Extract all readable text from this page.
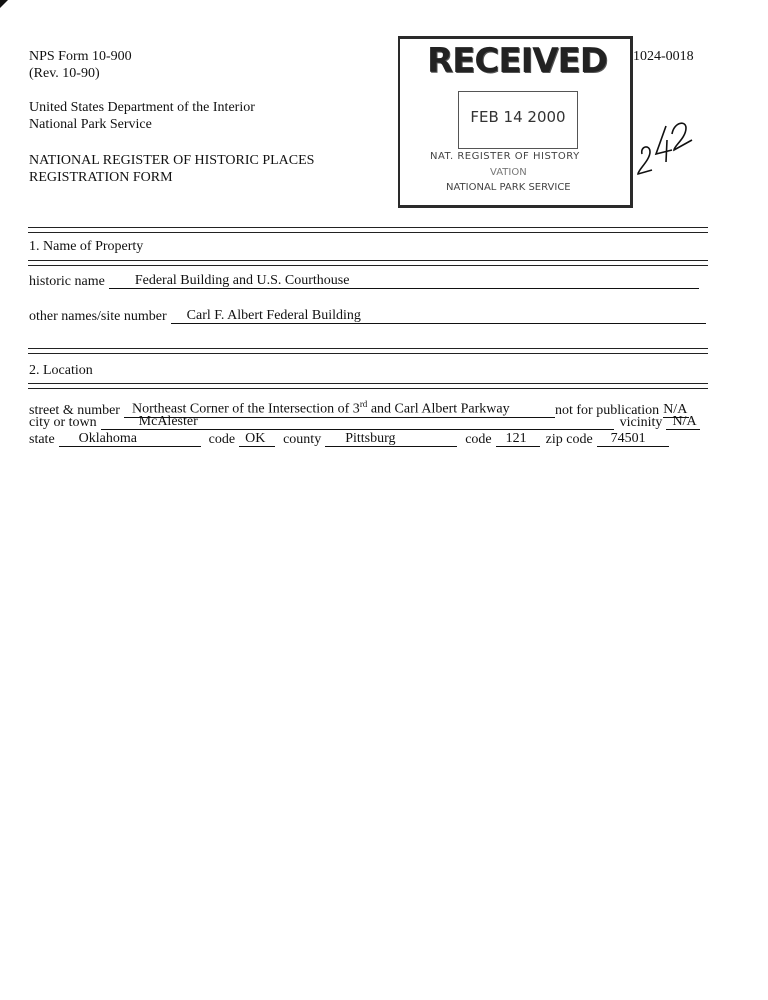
NPS Form 10-900
(Rev. 10-90)
1024-0018
United States Department of the Interior
National Park Service
NATIONAL REGISTER OF HISTORIC PLACES
REGISTRATION FORM
RECEIVED
FEB 14 2000
NAT. REGISTER OF HISTORY
VATION
NATIONAL PARK SERVICE
1. Name of Property
historic name	Federal Building and U.S. Courthouse
other names/site number	Carl F. Albert Federal Building
2. Location
street & number Northeast Corner of the Intersection of 3rd and Carl Albert Parkway	not for publication N/A
city or town	McAlester	vicinity N/A
state	Oklahoma	code OK	county	Pittsburg	code	121	zip code	74501
